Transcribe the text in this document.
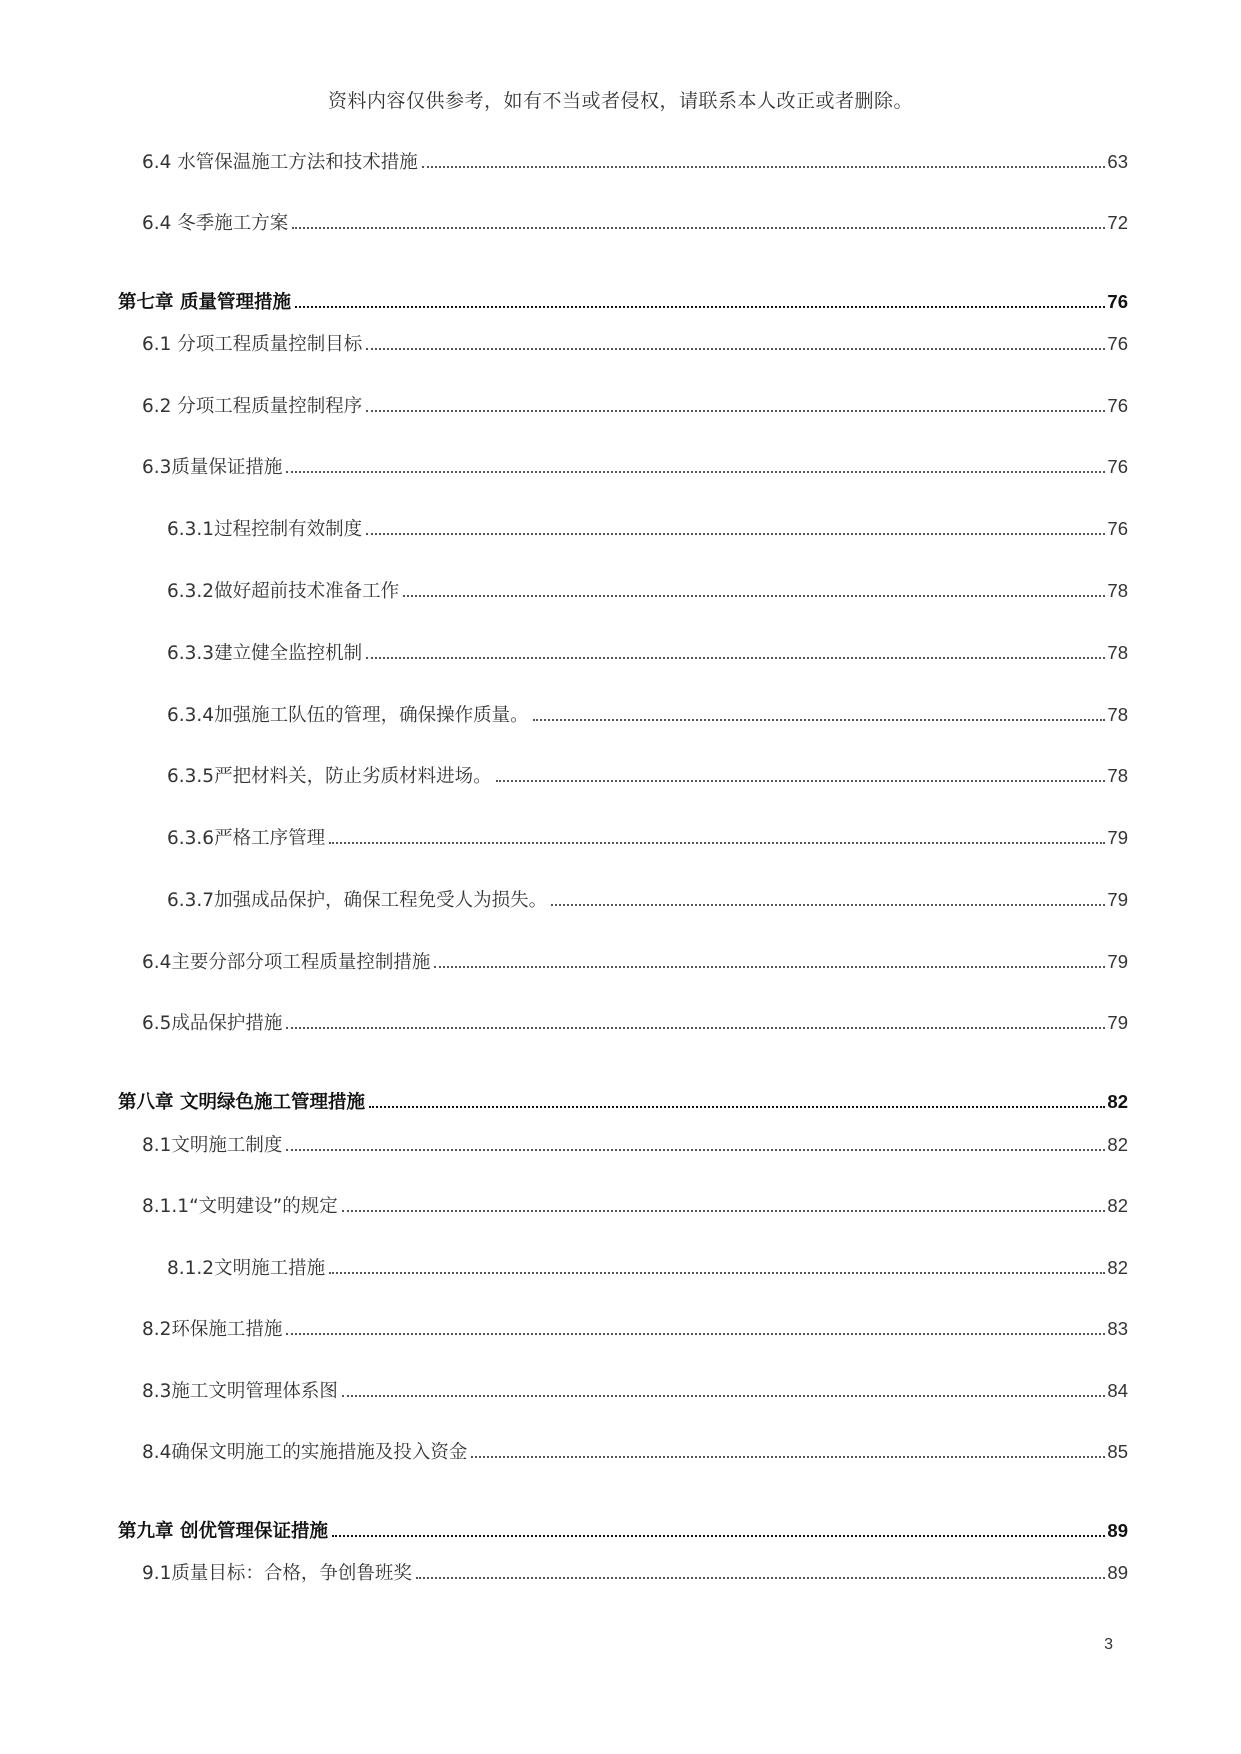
资料内容仅供参考，如有不当或者侵权，请联系本人改正或者删除。
6.4 水管保温施工方法和技术措施	63
6.4 冬季施工方案	72
第七章 质量管理措施	76
6.1 分项工程质量控制目标	76
6.2 分项工程质量控制程序	76
6.3质量保证措施	76
6.3.1过程控制有效制度	76
6.3.2做好超前技术准备工作	78
6.3.3建立健全监控机制	78
6.3.4加强施工队伍的管理，确保操作质量。	78
6.3.5严把材料关，防止劣质材料进场。	78
6.3.6严格工序管理	79
6.3.7加强成品保护，确保工程免受人为损失。	79
6.4主要分部分项工程质量控制措施	79
6.5成品保护措施	79
第八章 文明绿色施工管理措施	82
8.1文明施工制度	82
8.1.1“文明建设”的规定	82
8.1.2文明施工措施	82
8.2环保施工措施	83
8.3施工文明管理体系图	84
8.4确保文明施工的实施措施及投入资金	85
第九章 创优管理保证措施	89
9.1质量目标：合格，争创鲁班奖	89
3
